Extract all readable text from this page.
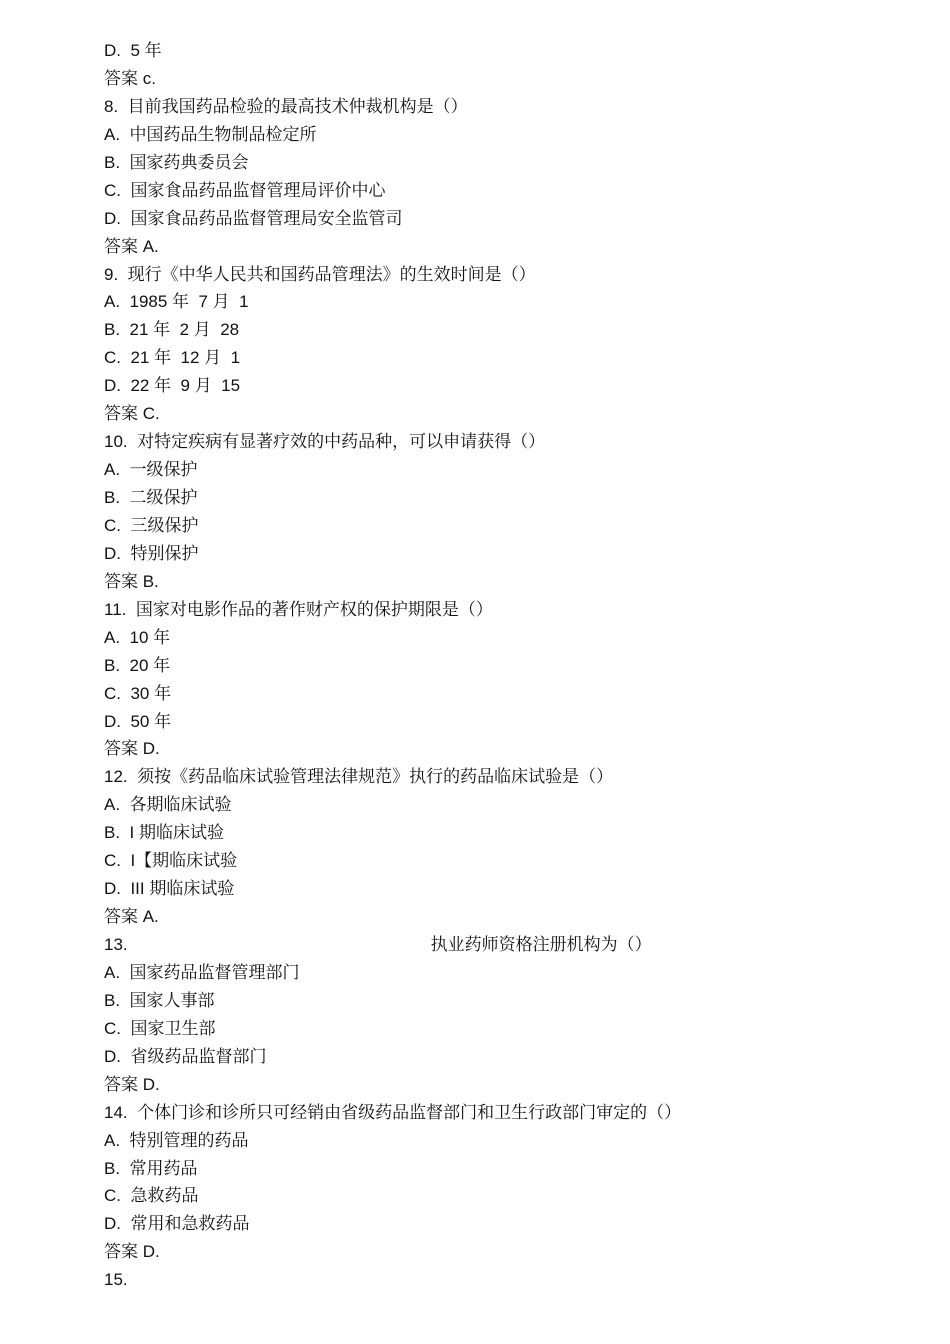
D.  5 年
答案 c.
8.  目前我国药品检验的最高技术仲裁机构是（）
A.  中国药品生物制品检定所
B.  国家药典委员会
C.  国家食品药品监督管理局评价中心
D.  国家食品药品监督管理局安全监管司
答案 A.
9.  现行《中华人民共和国药品管理法》的生效时间是（）
A.  1985 年  7 月  1
B.  21 年  2 月  28
C.  21 年  12 月  1
D.  22 年  9 月  15
答案 C.
10.  对特定疾病有显著疗效的中药品种，可以申请获得（）
A.  一级保护
B.  二级保护
C.  三级保护
D.  特别保护
答案 B.
11.  国家对电影作品的著作财产权的保护期限是（）
A.  10 年
B.  20 年
C.  30 年
D.  50 年
答案 D.
12.  须按《药品临床试验管理法律规范》执行的药品临床试验是（）
A.  各期临床试验
B.  I 期临床试验
C.  I【期临床试验
D.  III 期临床试验
答案 A.
13.	执业药师资格注册机构为（）
A.  国家药品监督管理部门
B.  国家人事部
C.  国家卫生部
D.  省级药品监督部门
答案 D.
14.  个体门诊和诊所只可经销由省级药品监督部门和卫生行政部门审定的（）
A.  特别管理的药品
B.  常用药品
C.  急救药品
D.  常用和急救药品
答案 D.
15.
